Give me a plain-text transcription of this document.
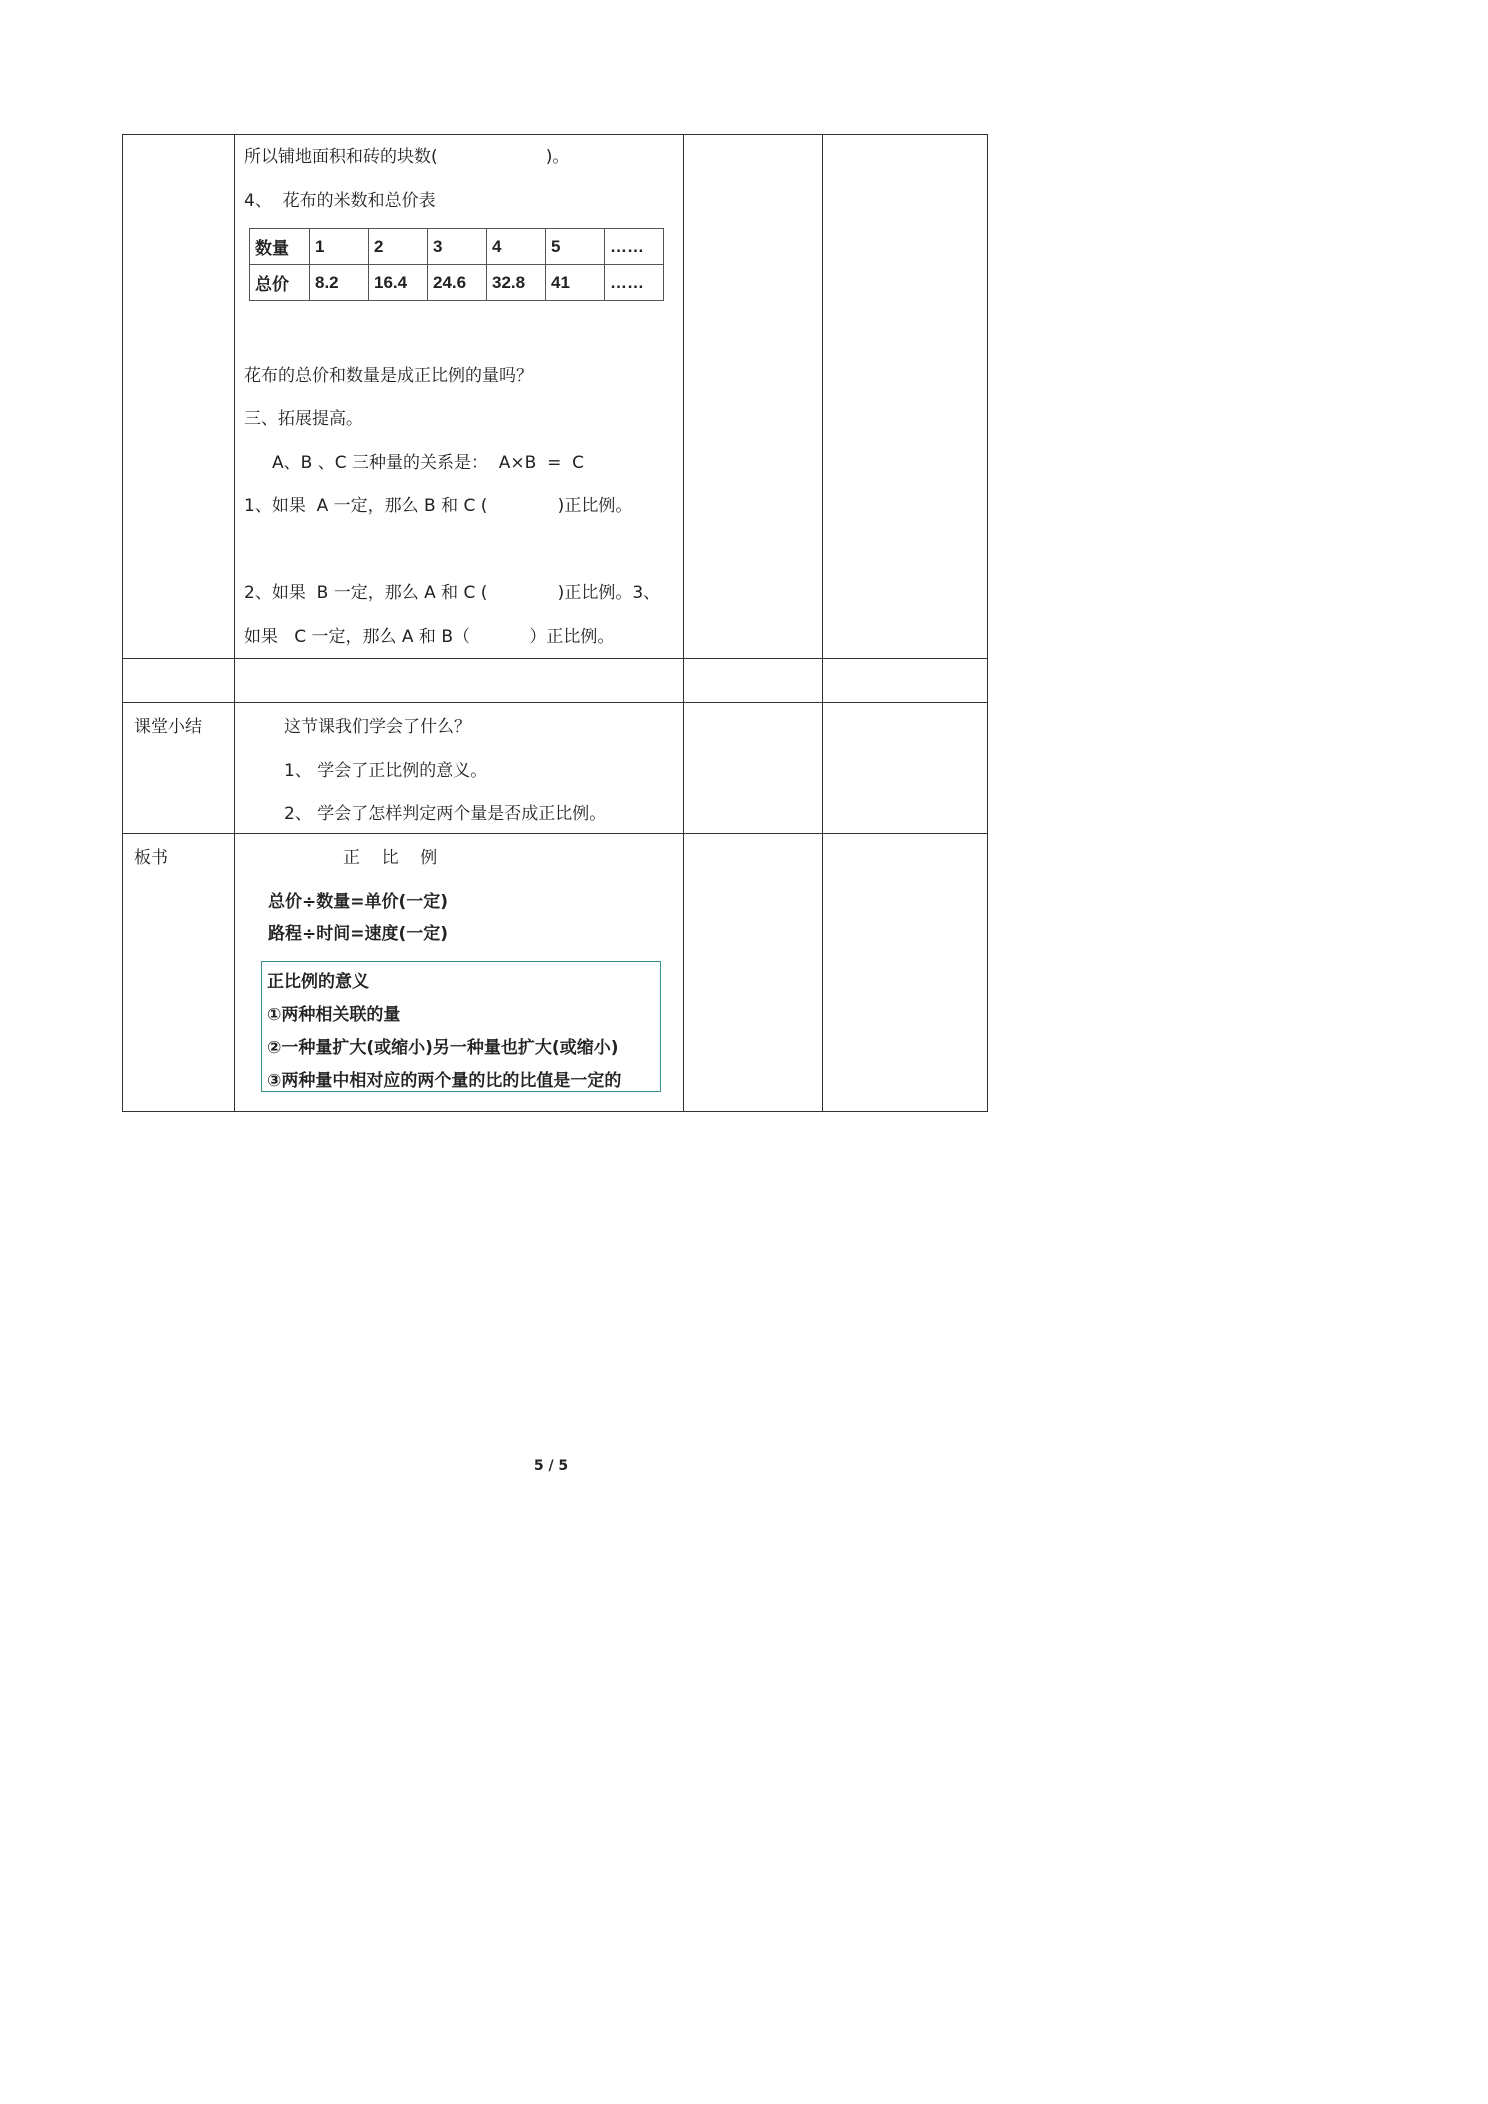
所以铺地面积和砖的块数(                    )。
4、  花布的米数和总价表
数量	1	2	3	4	5	……
总价	8.2	16.4	24.6	32.8	41	……
花布的总价和数量是成正比例的量吗？
三、拓展提高。
A、B 、C 三种量的关系是：  A×B  =  C
1、如果  A 一定，那么 B 和 C (             )正比例。
2、如果  B 一定，那么 A 和 C (             )正比例。3、
如果   C 一定，那么 A 和 B（           ）正比例。
课堂小结	这节课我们学会了什么？
1、 学会了正比例的意义。
2、 学会了怎样判定两个量是否成正比例。
板书	正    比    例
总价÷数量=单价(一定)
路程÷时间=速度(一定)
正比例的意义
①两种相关联的量
②一种量扩大(或缩小)另一种量也扩大(或缩小)
③两种量中相对应的两个量的比的比值是一定的
5 / 5
